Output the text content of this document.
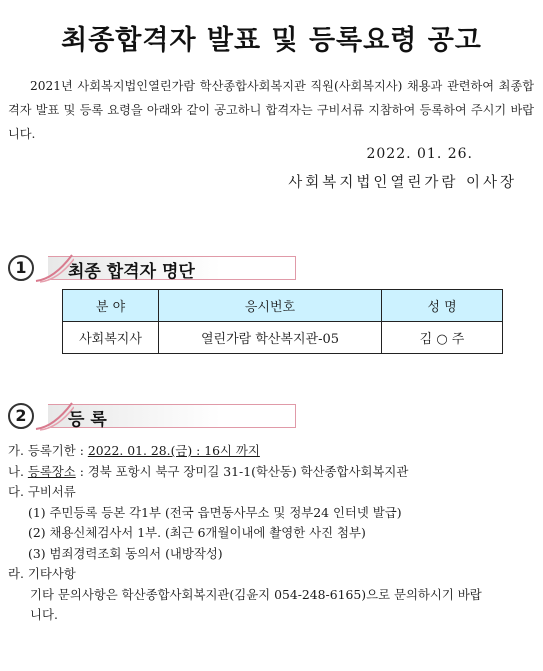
최종합격자 발표 및 등록요령 공고
2021년 사회복지법인열린가람 학산종합사회복지관 직원(사회복지사) 채용과 관련하여 최종합격자 발표 및 등록 요령을 아래와 같이 공고하니 합격자는 구비서류 지참하여 등록하여 주시기 바랍니다.
2022. 01. 26.
사회복지법인열린가람 이사장
1	최종 합격자 명단
분 야	응시번호	성 명
사회복지사	열린가람 학산복지관-05	김 ○ 주
2	등 록
가. 등록기한 : 2022. 01. 28.(금) : 16시 까지
나. 등록장소 : 경북 포항시 북구 장미길 31-1(학산동) 학산종합사회복지관
다. 구비서류
(1) 주민등록 등본 각1부 (전국 읍면동사무소 및 정부24 인터넷 발급)
(2) 채용신체검사서 1부. (최근 6개월이내에 촬영한 사진 첨부)
(3) 범죄경력조회 동의서 (내방작성)
라. 기타사항
기타 문의사항은 학산종합사회복지관(김윤지 054-248-6165)으로 문의하시기 바랍
니다.
